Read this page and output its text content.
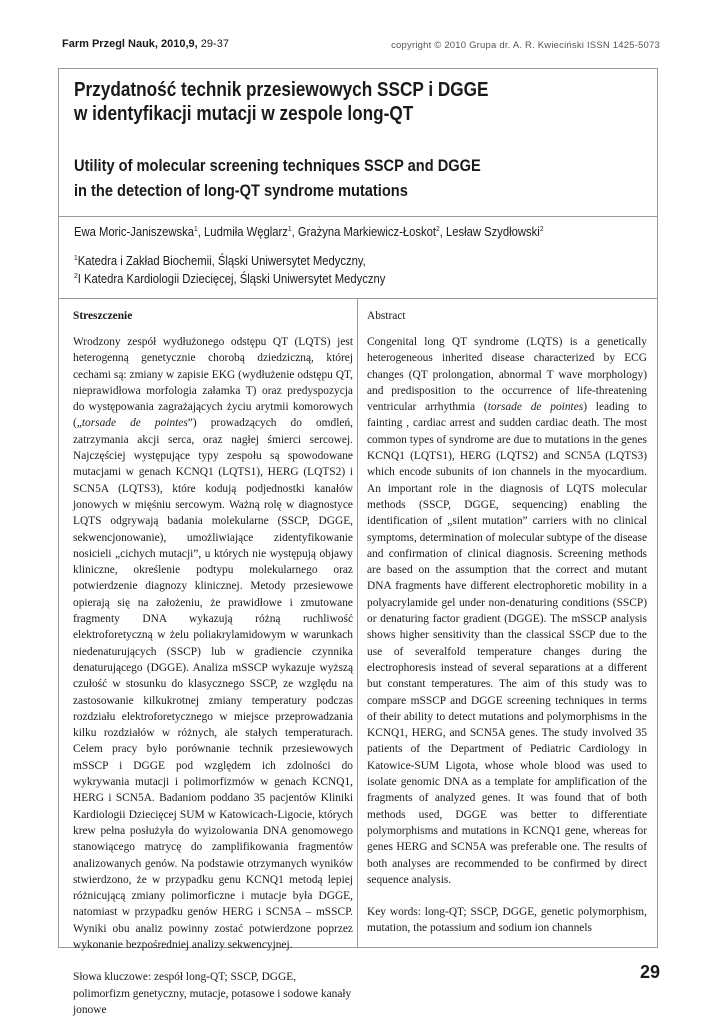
Farm Przegl Nauk, 2010,9, 29-37	copyright © 2010 Grupa dr. A. R. Kwieciński ISSN 1425-5073
Przydatność technik przesiewowych SSCP i DGGE
w identyfikacji mutacji w zespole long-QT
Utility of molecular screening techniques SSCP and DGGE
in the detection of long-QT syndrome mutations
Ewa Moric-Janiszewska$^1$, Ludmiła Węglarz$^1$, Grażyna Markiewicz-Łoskot$^2$, Lesław Szydłowski$^2$
$^1$Katedra i Zakład Biochemii, Śląski Uniwersytet Medyczny,
$^2$I Katedra Kardiologii Dziecięcej, Śląski Uniwersytet Medyczny
Streszczenie

Wrodzony zespół wydłużonego odstępu QT (LQTS) jest heterogenną genetycznie chorobą dziedziczną, której cechami są: zmiany w zapisie EKG (wydłużenie odstępu QT, nieprawidłowa morfologia załamka T) oraz predyspozycja do występowania zagrażających życiu arytmii komorowych („torsade de pointes”) prowadzących do omdleń, zatrzymania akcji serca, oraz nagłej śmierci sercowej. Najczęściej występujące typy zespołu są spowodowane mutacjami w genach KCNQ1 (LQTS1), HERG (LQTS2) i SCN5A (LQTS3), które kodują podjednostki kanałów jonowych w mięśniu sercowym. Ważną rolę w diagnostyce LQTS odgrywają badania molekularne (SSCP, DGGE, sekwencjonowanie), umożliwiające zidentyfikowanie nosicieli „cichych mutacji”, u których nie występują objawy kliniczne, określenie podtypu molekularnego oraz potwierdzenie diagnozy klinicznej. Metody przesiewowe opierają się na założeniu, że prawidłowe i zmutowane fragmenty DNA wykazują różną ruchliwość elektroforetyczną w żelu poliakrylamidowym w warunkach niedenaturujących (SSCP) lub w gradiencie czynnika denaturującego (DGGE). Analiza mSSCP wykazuje wyższą czułość w stosunku do klasycznego SSCP, ze względu na zastosowanie kilkukrotnej zmiany temperatury podczas rozdziału elektroforetycznego w miejsce przeprowadzania kilku rozdziałów w różnych, ale stałych temperaturach. Celem pracy było porównanie technik przesiewowych mSSCP i DGGE pod względem ich zdolności do wykrywania mutacji i polimorfizmów w genach KCNQ1, HERG i SCN5A. Badaniom poddano 35 pacjentów Kliniki Kardiologii Dziecięcej SUM w Katowicach-Ligocie, których krew pełna posłużyła do wyizolowania DNA genomowego stanowiącego matrycę do zamplifikowania fragmentów analizowanych genów. Na podstawie otrzymanych wyników stwierdzono, że w przypadku genu KCNQ1 metodą lepiej różnicującą zmiany polimorficzne i mutacje była DGGE, natomiast w przypadku genów HERG i SCN5A – mSSCP. Wyniki obu analiz powinny zostać potwierdzone poprzez wykonanie bezpośredniej analizy sekwencyjnej.

Słowa kluczowe: zespół long-QT; SSCP, DGGE, polimorfizm genetyczny, mutacje, potasowe i sodowe kanały jonowe

Abstract

Congenital long QT syndrome (LQTS) is a genetically heterogeneous inherited disease characterized by ECG changes (QT prolongation, abnormal T wave morphology) and predisposition to the occurrence of life-threatening ventricular arrhythmia (torsade de pointes) leading to fainting , cardiac arrest and sudden cardiac death. The most common types of syndrome are due to mutations in the genes KCNQ1 (LQTS1), HERG (LQTS2) and SCN5A (LQTS3) which encode subunits of ion channels in the myocardium. An important role in the diagnosis of LQTS molecular methods (SSCP, DGGE, sequencing) enabling the identification of „silent mutation” carriers with no clinical symptoms, determination of molecular subtype of the disease and confirmation of clinical diagnosis. Screening methods are based on the assumption that the correct and mutant DNA fragments have different electrophoretic mobility in a polyacrylamide gel under non-denaturing conditions (SSCP) or denaturing factor gradient (DGGE). The mSSCP analysis shows higher sensitivity than the classical SSCP due to the use of severalfold temperature changes during the electrophoresis instead of several separations at a different but constant temperatures. The aim of this study was to compare mSSCP and DGGE screening techniques in terms of their ability to detect mutations and polymorphisms in the KCNQ1, HERG, and SCN5A genes. The study involved 35 patients of the Department of Pediatric Cardiology in Katowice-SUM Ligota, whose whole blood was used to isolate genomic DNA as a template for amplification of the fragments of analyzed genes. It was found that of both methods used, DGGE was better to differentiate polymorphisms and mutations in KCNQ1 gene, whereas for genes HERG and SCN5A was preferable one. The results of both analyses are recommended to be confirmed by direct sequence analysis.

Key words: long-QT; SSCP, DGGE, genetic polymorphism, mutation, the potassium and sodium ion channels

29
